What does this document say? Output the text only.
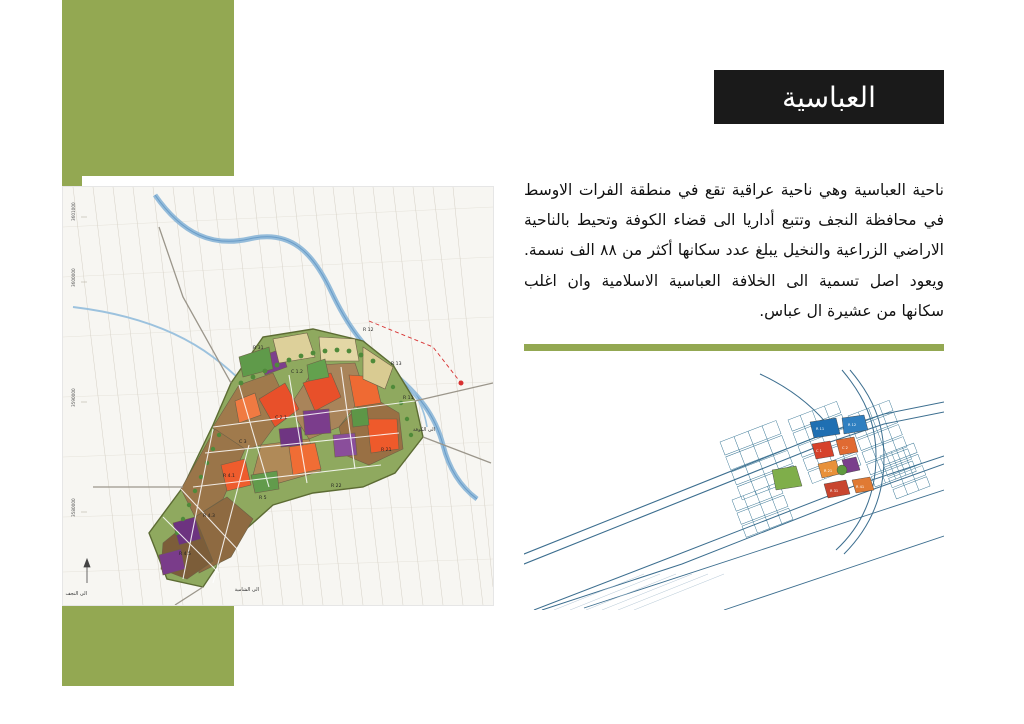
العباسية
ناحية العباسية وهي ناحية عراقية تقع في منطقة الفرات الاوسط في محافظة النجف وتتبع أداريا الى قضاء الكوفة وتحيط بالناحية الاراضي الزراعية والنخيل يبلغ عدد سكانها أكثر من ٨٨ الف نسمة. ويعود اصل تسمية الى الخلافة العباسية الاسلامية وان اغلب سكانها من عشيرة ال عباس.
R 12
R 13
R 11
R 21
R 22
C 1.2
C 2.1
C 3
R 4.1
R 4.3
R 4.5
R 5
R 31
3601000
3600000
3590000
3580000
الى الكوفة
الى النجف
الى الشامية
R 11
R 12
C 1
C 2
R 21
R 31
R 41
